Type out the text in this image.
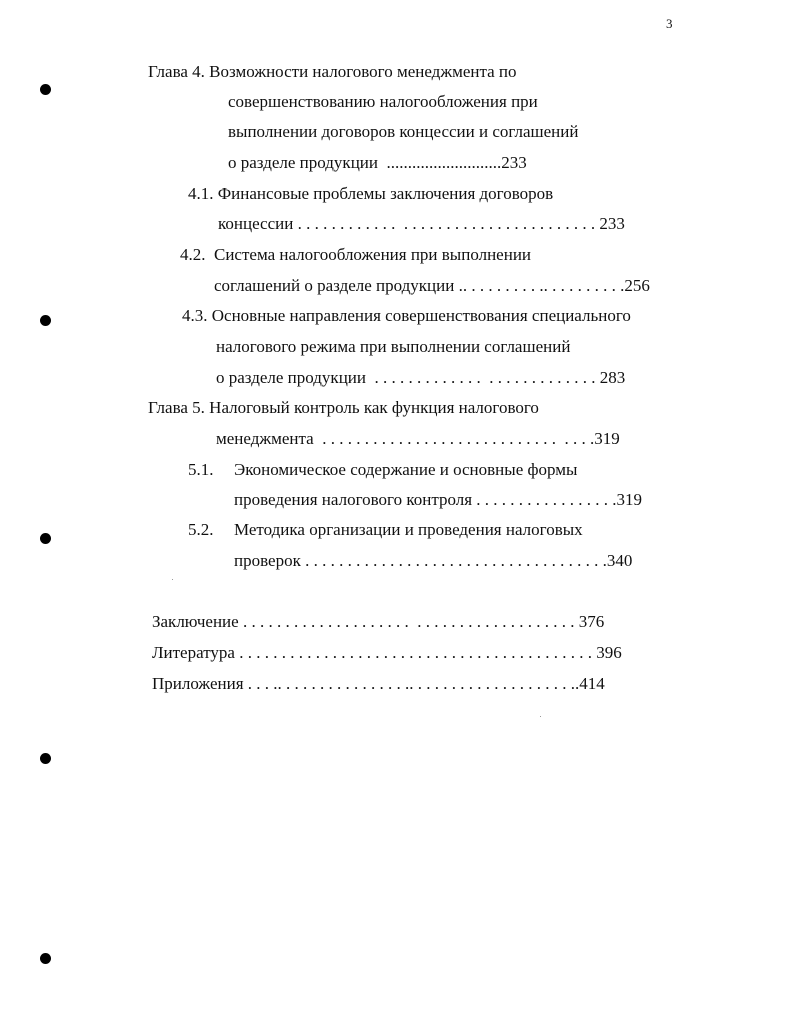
3
Глава 4. Возможности налогового менеджмента по
совершенствованию налогообложения при
выполнении договоров концессии и соглашений
о разделе продукции  ...........................233
4.1. Финансовые проблемы заключения договоров
концессии . . . . . . . . . . . .  . . . . . . . . . . . . . . . . . . . . . . . 233
4.2.  Система налогообложения при выполнении
соглашений о разделе продукции .. . . . . . . . . .. . . . . . . . . .256
4.3. Основные направления совершенствования специального
налогового режима при выполнении соглашений
о разделе продукции  . . . . . . . . . . . . .  . . . . . . . . . . . . . 283
Глава 5. Налоговый контроль как функция налогового
менеджмента  . . . . . . . . . . . . . . . . . . . . . . . . . . . .  . . . .319
5.1. Экономическое содержание и основные формы
проведения налогового контроля . . . . . . . . . . . . . . . . .319
5.2. Методика организации и проведения налоговых
проверок . . . . . . . . . . . . . . . . . . . . . . . . . . . . . . . . . . . .340
Заключение . . . . . . . . . . . . . . . . . . . .  . . . . . . . . . . . . . . . . . . . 376
Литература . . . . . . . . . . . . . . . . . . . . . . . . . . . . . . . . . . . . . . . . . . 396
Приложения . . . .. . . . . . . . . . . . . . . .. . . . . . . . . . . . . . . . . . . ..414
